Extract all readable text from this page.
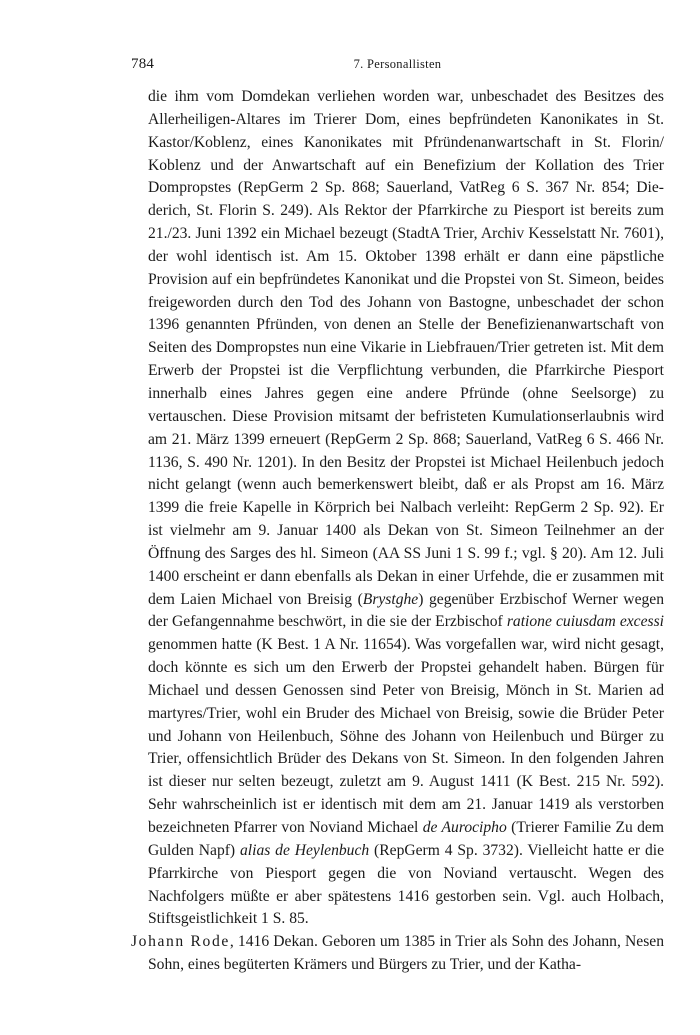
784	7. Personallisten

die ihm vom Domdekan verliehen worden war, unbeschadet des Besitzes des Allerheiligen-Altares im Trierer Dom, eines bepfründeten Kanonikates in St. Kastor/Koblenz, eines Kanonikates mit Pfründenanwartschaft in St. Florin/ Koblenz und der Anwartschaft auf ein Benefizium der Kollation des Trier Dompropstes (RepGerm 2 Sp. 868; Sauerland, VatReg 6 S. 367 Nr. 854; Diederich, St. Florin S. 249). Als Rektor der Pfarrkirche zu Piesport ist bereits zum 21./23. Juni 1392 ein Michael bezeugt (StadtA Trier, Archiv Kesselstatt Nr. 7601), der wohl identisch ist. Am 15. Oktober 1398 erhält er dann eine päpstliche Provision auf ein bepfründetes Kanonikat und die Propstei von St. Simeon, beides freigeworden durch den Tod des Johann von Bastogne, unbeschadet der schon 1396 genannten Pfründen, von denen an Stelle der Benefizienanwartschaft von Seiten des Dompropstes nun eine Vikarie in Liebfrauen/Trier getreten ist. Mit dem Erwerb der Propstei ist die Verpflichtung verbunden, die Pfarrkirche Piesport innerhalb eines Jahres gegen eine andere Pfründe (ohne Seelsorge) zu vertauschen. Diese Provision mitsamt der befristeten Kumulationserlaubnis wird am 21. März 1399 erneuert (RepGerm 2 Sp. 868; Sauerland, VatReg 6 S. 466 Nr. 1136, S. 490 Nr. 1201). In den Besitz der Propstei ist Michael Heilenbuch jedoch nicht gelangt (wenn auch bemerkenswert bleibt, daß er als Propst am 16. März 1399 die freie Kapelle in Körprich bei Nalbach verleiht: RepGerm 2 Sp. 92). Er ist vielmehr am 9. Januar 1400 als Dekan von St. Simeon Teilnehmer an der Öffnung des Sarges des hl. Simeon (AA SS Juni 1 S. 99 f.; vgl. § 20). Am 12. Juli 1400 erscheint er dann ebenfalls als Dekan in einer Urfehde, die er zusammen mit dem Laien Michael von Breisig (Brystghe) gegenüber Erzbischof Werner wegen der Gefangennahme beschwört, in die sie der Erzbischof ratione cuiusdam excessi genommen hatte (K Best. 1 A Nr. 11654). Was vorgefallen war, wird nicht gesagt, doch könnte es sich um den Erwerb der Propstei gehandelt haben. Bürgen für Michael und dessen Genossen sind Peter von Breisig, Mönch in St. Marien ad martyres/Trier, wohl ein Bruder des Michael von Breisig, sowie die Brüder Peter und Johann von Heilenbuch, Söhne des Johann von Heilenbuch und Bürger zu Trier, offensichtlich Brüder des Dekans von St. Simeon. In den folgenden Jahren ist dieser nur selten bezeugt, zuletzt am 9. August 1411 (K Best. 215 Nr. 592). Sehr wahrscheinlich ist er identisch mit dem am 21. Januar 1419 als verstorben bezeichneten Pfarrer von Noviand Michael de Aurocipho (Trierer Familie Zu dem Gulden Napf) alias de Heylenbuch (RepGerm 4 Sp. 3732). Vielleicht hatte er die Pfarrkirche von Piesport gegen die von Noviand vertauscht. Wegen des Nachfolgers müßte er aber spätestens 1416 gestorben sein. Vgl. auch Holbach, Stiftsgeistlichkeit 1 S. 85.

Johann Rode, 1416 Dekan. Geboren um 1385 in Trier als Sohn des Johann, Nesen Sohn, eines begüterten Krämers und Bürgers zu Trier, und der Katha-
